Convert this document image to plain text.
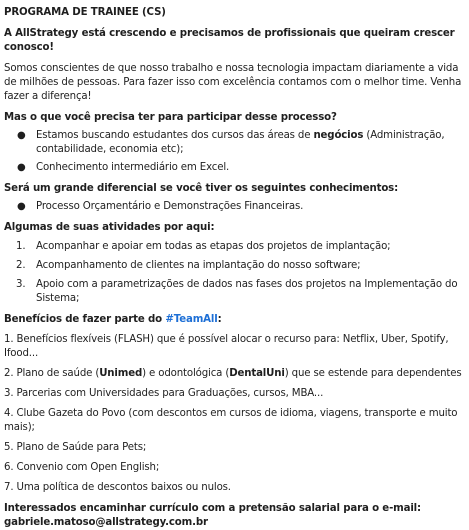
PROGRAMA DE TRAINEE (CS)

A AllStrategy está crescendo e precisamos de profissionais que queiram crescer conosco!

Somos conscientes de que nosso trabalho e nossa tecnologia impactam diariamente a vida de milhões de pessoas. Para fazer isso com excelência contamos com o melhor time. Venha fazer a diferença!

Mas o que você precisa ter para participar desse processo?

● Estamos buscando estudantes dos cursos das áreas de negócios (Administração, contabilidade, economia etc);
● Conhecimento intermediário em Excel.

Será um grande diferencial se você tiver os seguintes conhecimentos:

● Processo Orçamentário e Demonstrações Financeiras.

Algumas de suas atividades por aqui:

1. Acompanhar e apoiar em todas as etapas dos projetos de implantação;
2. Acompanhamento de clientes na implantação do nosso software;
3. Apoio com a parametrizações de dados nas fases dos projetos na Implementação do Sistema;

Benefícios de fazer parte do #TeamAll:

1. Benefícios flexíveis (FLASH) que é possível alocar o recurso para: Netflix, Uber, Spotify, Ifood...

2. Plano de saúde (Unimed) e odontológica (DentalUni) que se estende para dependentes

3. Parcerias com Universidades para Graduações, cursos, MBA...

4. Clube Gazeta do Povo (com descontos em cursos de idioma, viagens, transporte e muito mais);

5. Plano de Saúde para Pets;

6. Convenio com Open English;

7. Uma política de descontos baixos ou nulos.

Interessados encaminhar currículo com a pretensão salarial para o e-mail:

gabriele.matoso@allstrategy.com.br
